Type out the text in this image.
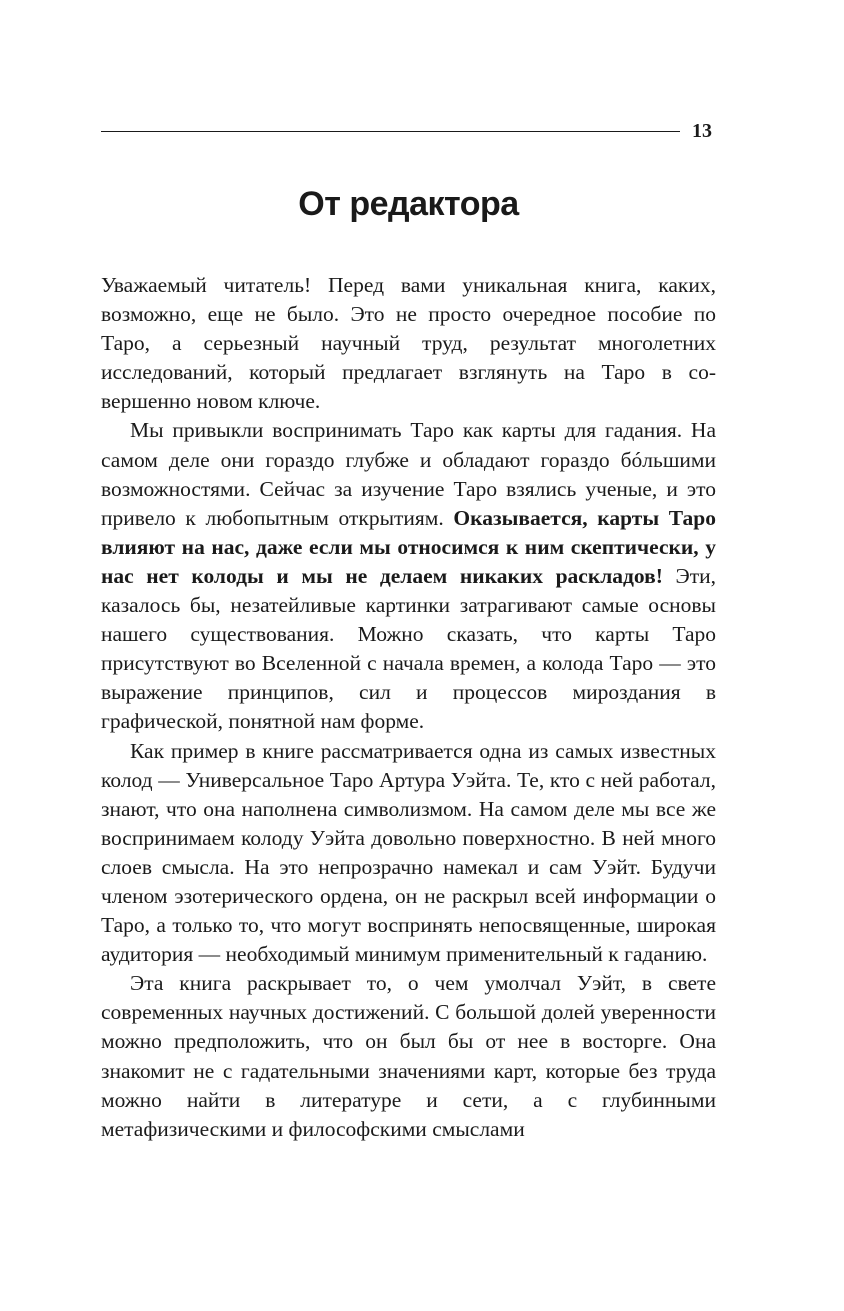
13
От редактора

Уважаемый читатель! Перед вами уникальная книга, каких, возможно, еще не было. Это не просто очередное пособие по Таро, а серьезный научный труд, результат многолетних исследований, который предлагает взглянуть на Таро в совершенно новом ключе.

Мы привыкли воспринимать Таро как карты для гадания. На самом деле они гораздо глубже и обладают гораздо бóльшими возможностями. Сейчас за изучение Таро взялись ученые, и это привело к любопытным открытиям. Оказывается, карты Таро влияют на нас, даже если мы относимся к ним скептически, у нас нет колоды и мы не делаем никаких раскладов! Эти, казалось бы, незатейливые картинки затрагивают самые основы нашего существования. Можно сказать, что карты Таро присутствуют во Вселенной с начала времен, а колода Таро — это выражение принципов, сил и процессов мироздания в графической, понятной нам форме.

Как пример в книге рассматривается одна из самых известных колод — Универсальное Таро Артура Уэйта. Те, кто с ней работал, знают, что она наполнена символизмом. На самом деле мы все же воспринимаем колоду Уэйта довольно поверхностно. В ней много слоев смысла. На это непрозрачно намекал и сам Уэйт. Будучи членом эзотерического ордена, он не раскрыл всей информации о Таро, а только то, что могут воспринять непосвященные, широкая аудитория — необходимый минимум применительный к гаданию.

Эта книга раскрывает то, о чем умолчал Уэйт, в свете современных научных достижений. С большой долей уверенности можно предположить, что он был бы от нее в восторге. Она знакомит не с гадательными значениями карт, которые без труда можно найти в литературе и сети, а с глубинными метафизическими и философскими смыслами
